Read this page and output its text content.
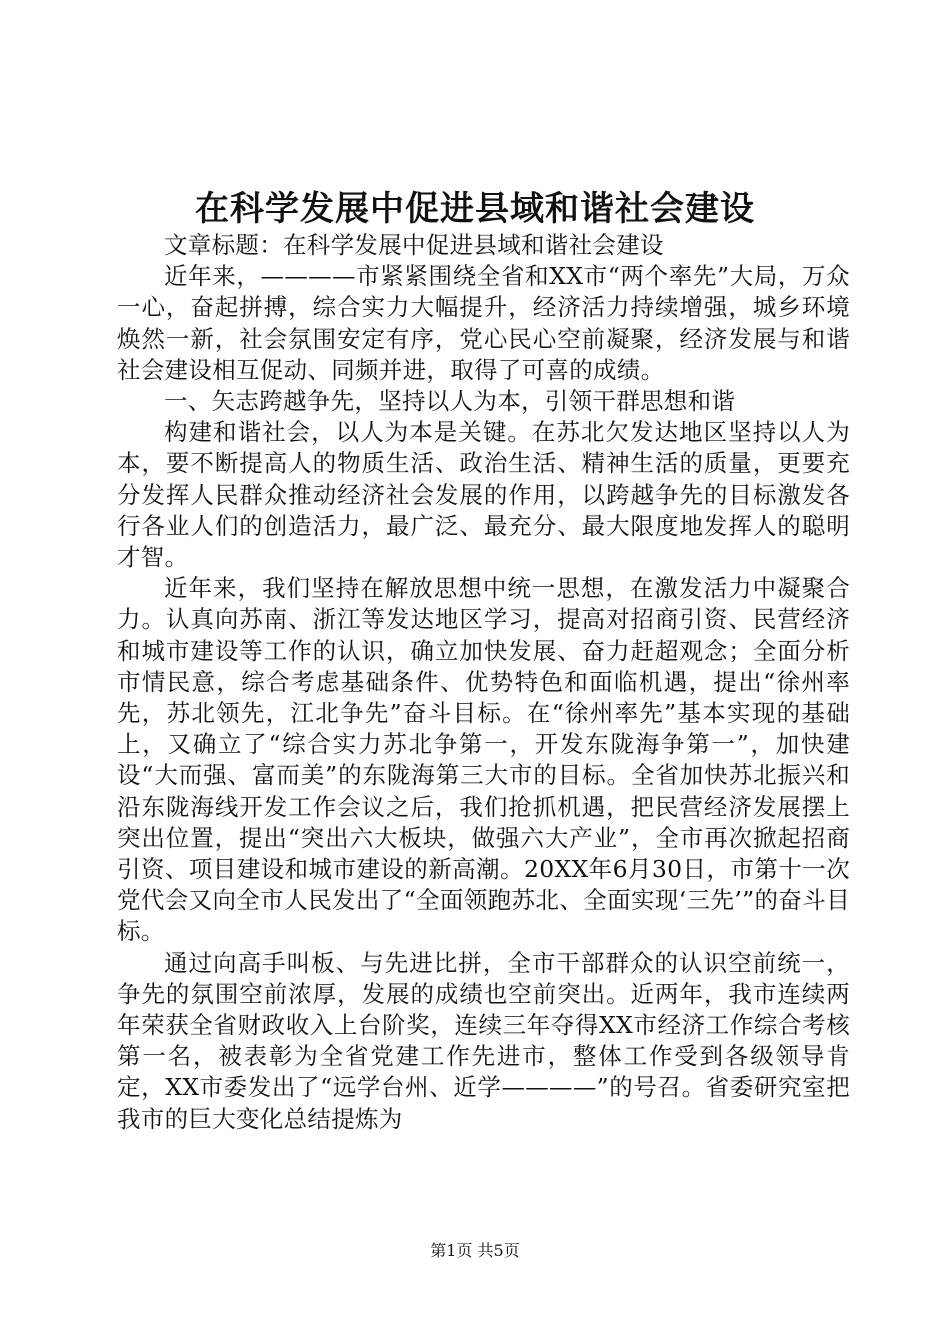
在科学发展中促进县域和谐社会建设

文章标题：在科学发展中促进县域和谐社会建设

近年来，————市紧紧围绕全省和XX市“两个率先”大局，万众一心，奋起拼搏，综合实力大幅提升，经济活力持续增强，城乡环境焕然一新，社会氛围安定有序，党心民心空前凝聚，经济发展与和谐社会建设相互促动、同频并进，取得了可喜的成绩。

一、矢志跨越争先，坚持以人为本，引领干群思想和谐

构建和谐社会，以人为本是关键。在苏北欠发达地区坚持以人为本，要不断提高人的物质生活、政治生活、精神生活的质量，更要充分发挥人民群众推动经济社会发展的作用，以跨越争先的目标激发各行各业人们的创造活力，最广泛、最充分、最大限度地发挥人的聪明才智。

近年来，我们坚持在解放思想中统一思想，在激发活力中凝聚合力。认真向苏南、浙江等发达地区学习，提高对招商引资、民营经济和城市建设等工作的认识，确立加快发展、奋力赶超观念；全面分析市情民意，综合考虑基础条件、优势特色和面临机遇，提出“徐州率先，苏北领先，江北争先”奋斗目标。在“徐州率先”基本实现的基础上，又确立了“综合实力苏北争第一，开发东陇海争第一”，加快建设“大而强、富而美”的东陇海第三大市的目标。全省加快苏北振兴和沿东陇海线开发工作会议之后，我们抢抓机遇，把民营经济发展摆上突出位置，提出“突出六大板块，做强六大产业”，全市再次掀起招商引资、项目建设和城市建设的新高潮。20XX年6月30日，市第十一次党代会又向全市人民发出了“全面领跑苏北、全面实现‘三先’”的奋斗目标。

通过向高手叫板、与先进比拼，全市干部群众的认识空前统一，争先的氛围空前浓厚，发展的成绩也空前突出。近两年，我市连续两年荣获全省财政收入上台阶奖，连续三年夺得XX市经济工作综合考核第一名，被表彰为全省党建工作先进市，整体工作受到各级领导肯定，XX市委发出了“远学台州、近学————”的号召。省委研究室把我市的巨大变化总结提炼为

第1页 共5页
